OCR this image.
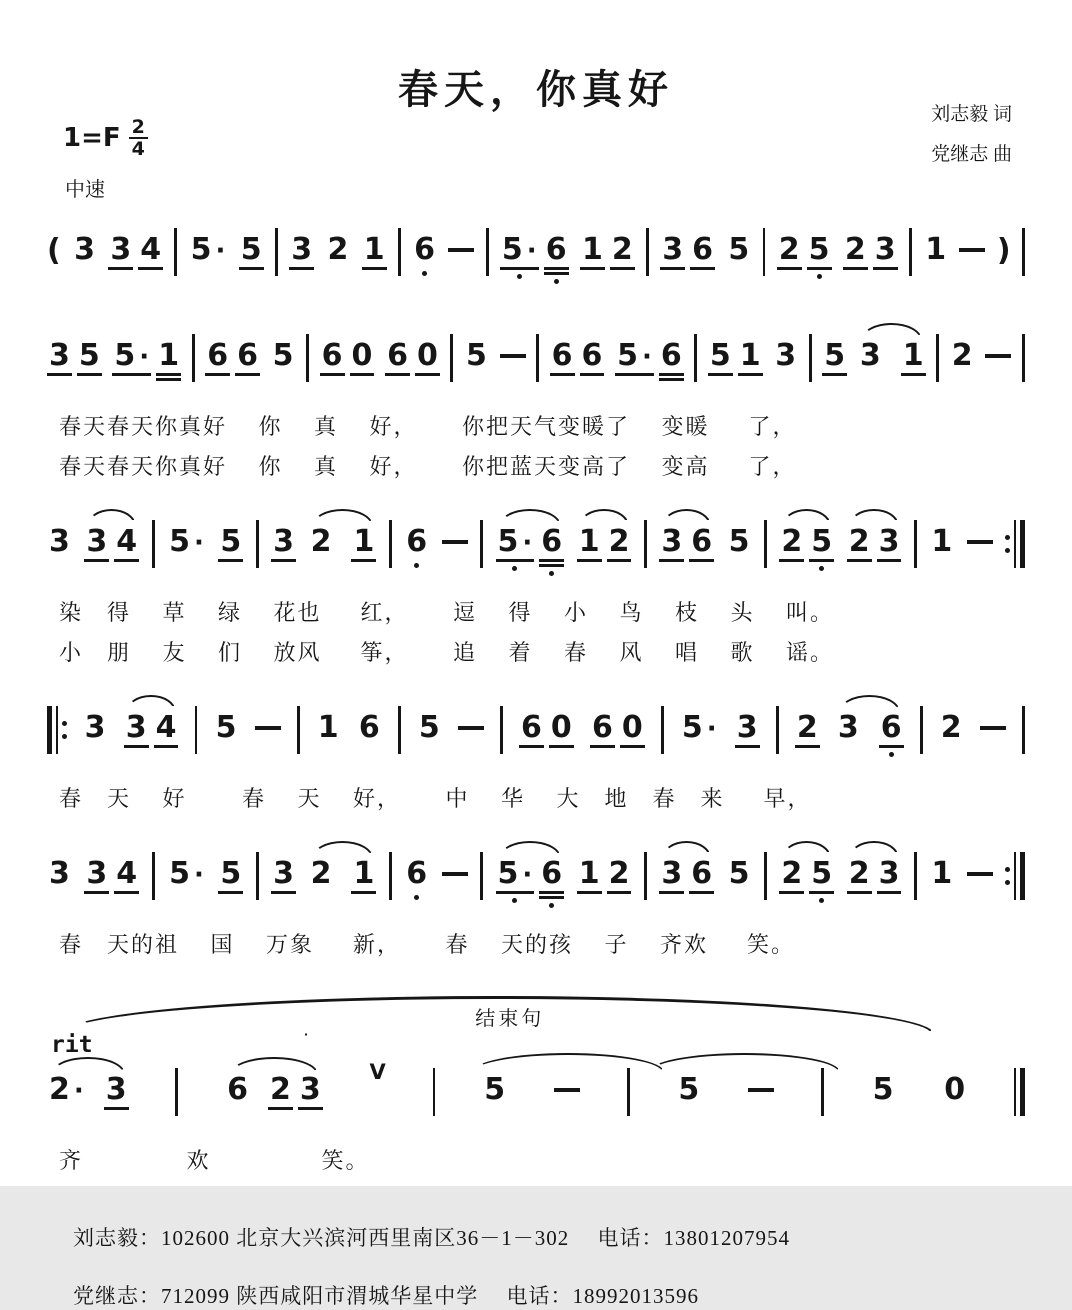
春天，你真好
刘志毅 词
党继志 曲
$1=F \frac{2}{4}$
中速
( 3 3 4 5 · 5 3 2 1 6 5 · 6 1 2 3 6 5 2 5 2 3 1 )
3 5 5 · 1 6 6 5 6 0 6 0 5 6 6 5 · 6 5 1 3 5 3 1 2

春天春天你真好　 你　 真　 好，　　 你把天气变暖了　 变暖　  了，

春天春天你真好　 你　 真　 好，　　 你把蓝天变高了　 变高　  了，

3 3 4 5 · 5 3 2 1 6 5 · 6 1 2 3 6 5 2 5 2 3 1

染　得　 草　 绿　 花也　  红，　　 逗　 得　 小　 鸟　 枝　 头　 叫。

小　朋　 友　 们　 放风　  筝，　　 追　 着　 春　 风　 唱　 歌　 谣。

3 3 4 5	1 6 5	6 0 6 0 5 · 3 2 3 6 2

春　天　 好　　 春　 天　 好，　　 中　 华　 大　地　春　来　  早，

3 3 4 5 · 5 3 2 1 6 5 · 6 1 2 3 6 5 2 5 2 3 1

春　天的祖　 国　 万象　  新，　　 春　 天的孩　 子　 齐欢　  笑。

rit
结束句
2 · 3	6 2 3 V	5	5	5 0

齐　　　　 欢　　　　  笑。

刘志毅：102600 北京大兴滨河西里南区36－1－302　 电话：13801207954

党继志：712099 陕西咸阳市渭城华星中学　 电话：18992013596
